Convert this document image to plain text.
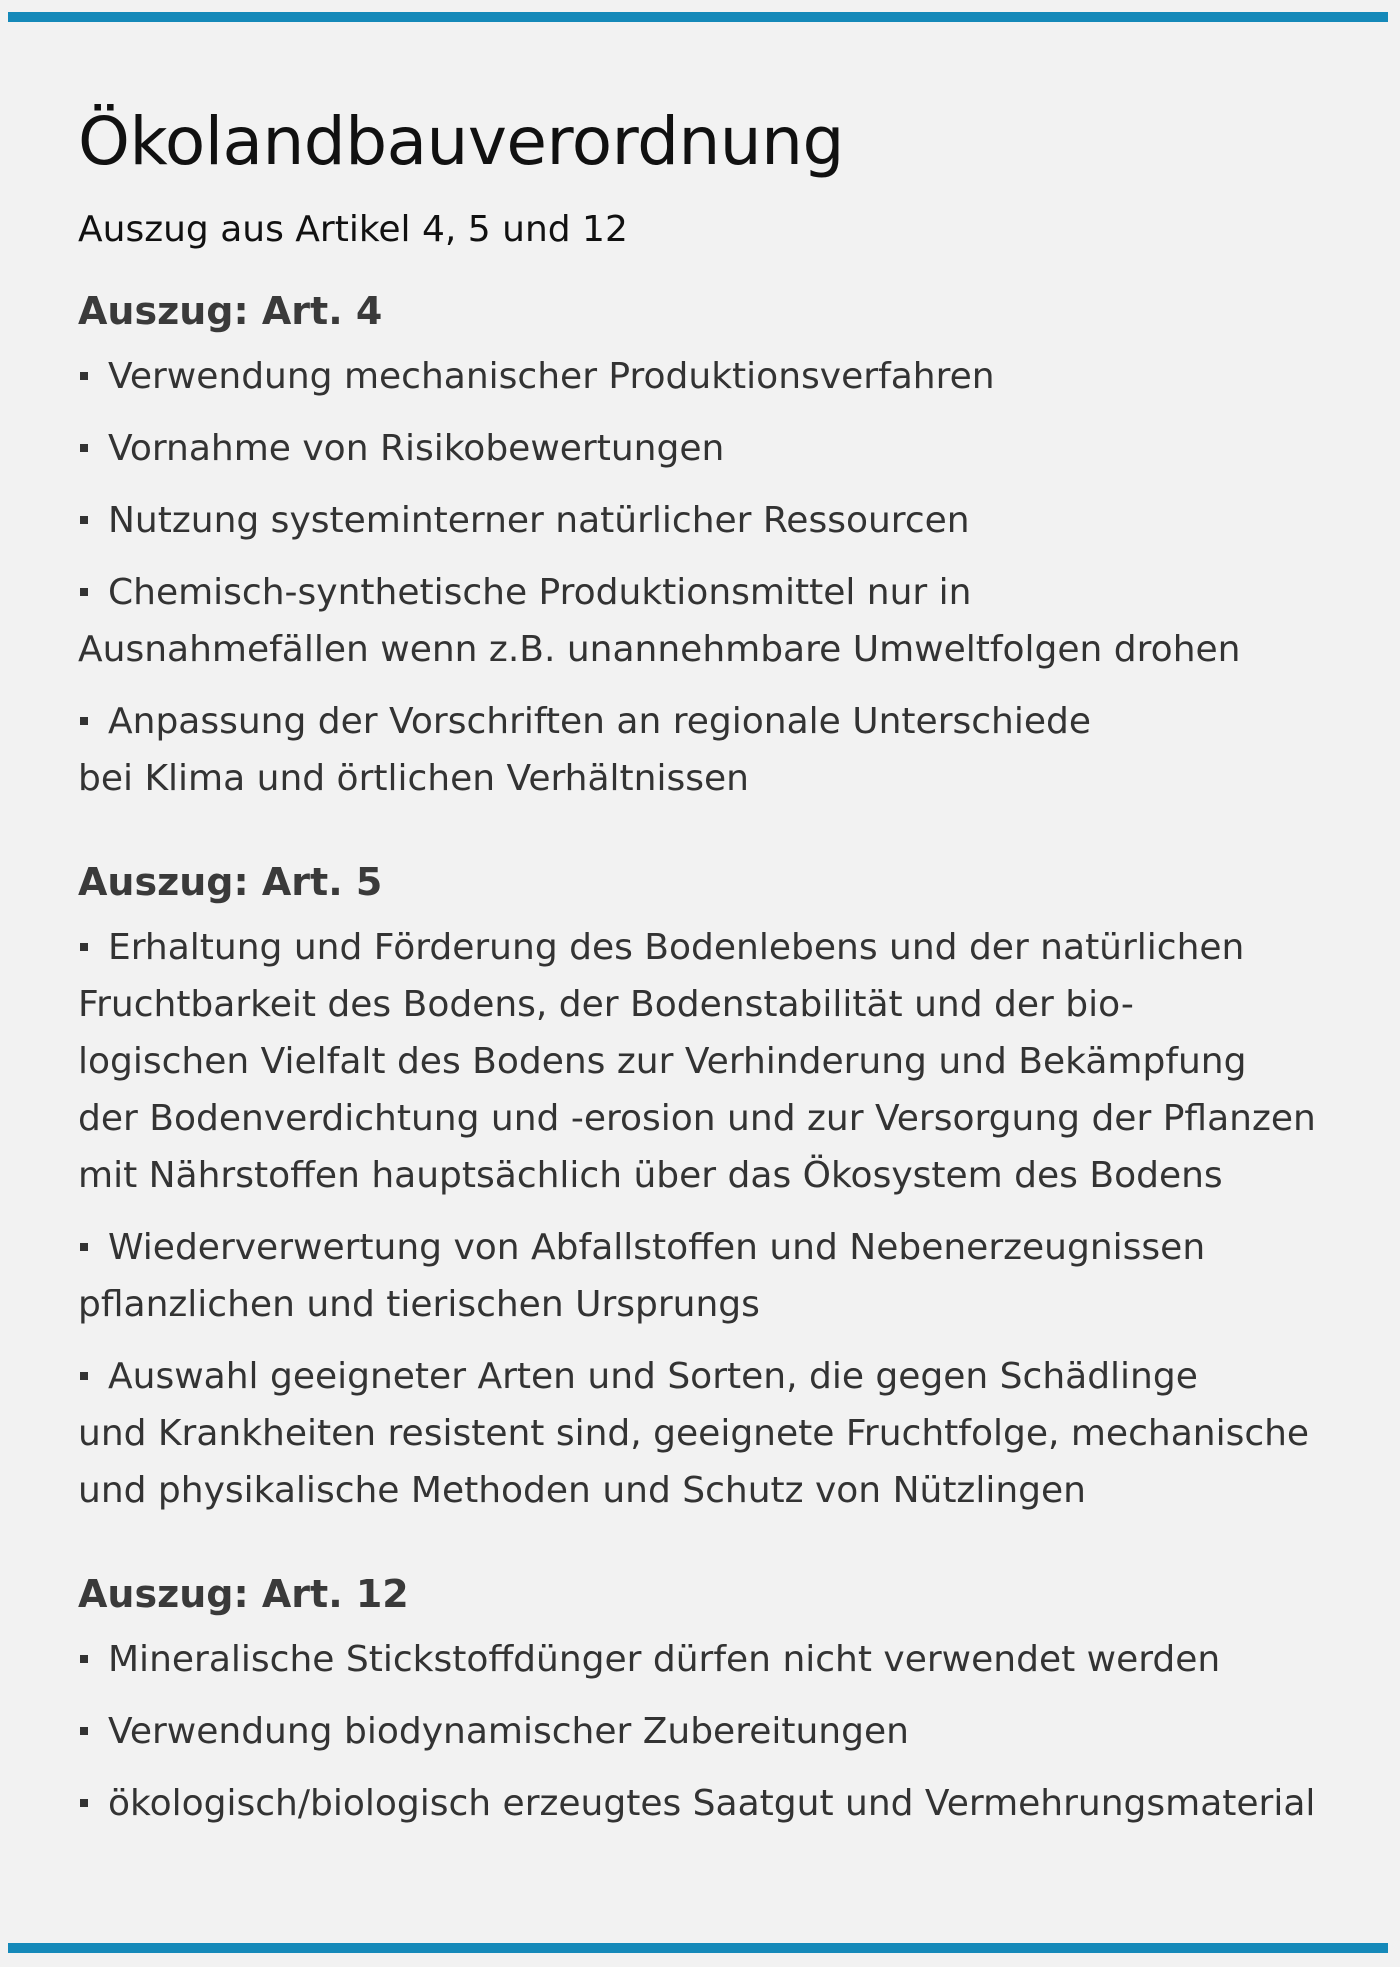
Ökolandbauverordnung
Auszug aus Artikel 4, 5 und 12
Auszug: Art. 4
Verwendung mechanischer Produktionsverfahren
Vornahme von Risikobewertungen
Nutzung systeminterner natürlicher Ressourcen
Chemisch-synthetische Produktionsmittel nur in
Ausnahmefällen wenn z.B. unannehmbare Umweltfolgen drohen
Anpassung der Vorschriften an regionale Unterschiede
bei Klima und örtlichen Verhältnissen
Auszug: Art. 5
Erhaltung und Förderung des Bodenlebens und der natürlichen
Fruchtbarkeit des Bodens, der Bodenstabilität und der bio-
logischen Vielfalt des Bodens zur Verhinderung und Bekämpfung
der Bodenverdichtung und -erosion und zur Versorgung der Pflanzen
mit Nährstoffen hauptsächlich über das Ökosystem des Bodens
Wiederverwertung von Abfallstoffen und Nebenerzeugnissen
pflanzlichen und tierischen Ursprungs
Auswahl geeigneter Arten und Sorten, die gegen Schädlinge
und Krankheiten resistent sind, geeignete Fruchtfolge, mechanische
und physikalische Methoden und Schutz von Nützlingen
Auszug: Art. 12
Mineralische Stickstoffdünger dürfen nicht verwendet werden
Verwendung biodynamischer Zubereitungen
ökologisch/biologisch erzeugtes Saatgut und Vermehrungsmaterial
